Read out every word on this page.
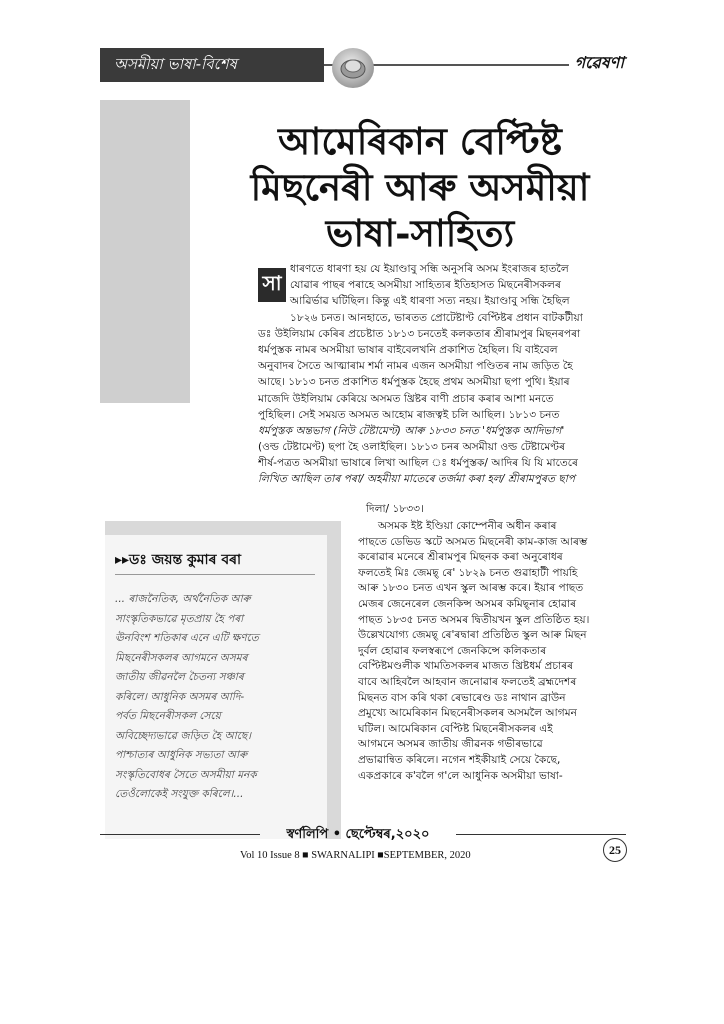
অসমীয়া ভাষা-বিশেষ	গৱেষণা
আমেৰিকান বেপ্টিষ্ট
মিছনেৰী আৰু অসমীয়া
ভাষা-সাহিত্য
ধাৰণতে ধাৰণা হয় যে ইয়াণ্ডাবু সন্ধি অনুসৰি অসম ইংৰাজৰ হাতলৈ
যোৱাৰ পাছৰ পৰাহে অসমীয়া সাহিত্যৰ ইতিহাসত মিছনেৰীসকলৰ
আৱিৰ্ভাৱ ঘটিছিল। কিন্তু এই ধাৰণা সত্য নহয়। ইয়াণ্ডাবু সন্ধি হৈছিল
১৮২৬ চনত। আনহাতে, ভাৰতত প্ৰোটেষ্টাণ্ট বেপ্টিষ্টৰ প্ৰধান বাটকটীয়া
ডঃ উইলিয়াম কেৰিৰ প্ৰচেষ্টাত ১৮১৩ চনতেই কলকতাৰ শ্ৰীৰামপুৰ মিছনৰপৰা
ধৰ্মপুস্তক নামৰ অসমীয়া ভাষাৰ বাইবেলখনি প্ৰকাশিত হৈছিল। যি বাইবেল
অনুবাদৰ সৈতে আত্মাৰাম শৰ্মা নামৰ এজন অসমীয়া পণ্ডিতৰ নাম জড়িত হৈ
আছে। ১৮১৩ চনত প্ৰকাশিত ধৰ্মপুস্তক হৈছে প্ৰথম অসমীয়া ছপা পুথি। ইয়াৰ
মাজেদি উইলিয়াম কেৰিয়ে অসমত খ্ৰিষ্টৰ বাণী প্ৰচাৰ কৰাৰ আশা মনতে
পুহিছিল। সেই সময়ত অসমত আহোম ৰাজত্বই চলি আছিল। ১৮১৩ চনত
ধৰ্মপুস্তক অন্তভাগ (নিউ টেষ্টামেণ্ট) আৰু ১৮৩৩ চনত 'ধৰ্মপুস্তক আদিভাগ'
(ওল্ড টেষ্টামেণ্ট) ছপা হৈ ওলাইছিল। ১৮১৩ চনৰ অসমীয়া ওল্ড টেষ্টামেণ্টৰ
শীৰ্ষ-পত্ৰত অসমীয়া ভাষাৰে লিখা আছিল ঃ ধৰ্মপুস্তক/ আদিৰ যি যি মাতেৰে
লিখিত আছিল তাৰ পৰা/ অহমীয়া মাতেৰে তৰ্জমা কৰা হল/ শ্ৰীৰামপুৰত ছাপ
সা
দিলা/ ১৮৩৩।
▸▸ডঃ জয়ন্ত কুমাৰ বৰা
... ৰাজনৈতিক, অৰ্থনৈতিক আৰু
সাংস্কৃতিকভাৱে মৃতপ্ৰায় হৈ পৰা
ঊনবিংশ শতিকাৰ এনে এটি ক্ষণতে
মিছনেৰীসকলৰ আগমনে অসমৰ
জাতীয় জীৱনলৈ চৈতন্য সঞ্চাৰ
কৰিলে। আধুনিক অসমৰ আদি-
পৰ্বত মিছনেৰীসকল সেয়ে
অবিচ্ছেদ্যভাৱে জড়িত হৈ আছে।
পাশ্চাত্যৰ আধুনিক সভ্যতা আৰু
সংস্কৃতিবোধৰ সৈতে অসমীয়া মনক
তেওঁলোকেই সংযুক্ত কৰিলে।...
অসমক ইষ্ট ইণ্ডিয়া কোম্পেনীৰ অধীন কৰাৰ
পাছতে ডেভিড স্কটে অসমত মিছনেৰী কাম-কাজ আৰম্ভ
কৰোৱাৰ মনেৰে শ্ৰীৰামপুৰ মিছনক কৰা অনুৰোধৰ
ফলতেই মিঃ জেমছ্ ৰে' ১৮২৯ চনত গুৱাহাটী পায়হি
আৰু ১৮৩০ চনত এখন স্কুল আৰম্ভ কৰে। ইয়াৰ পাছত
মেজৰ জেনেৰেল জেনকিন্স অসমৰ কমিছ্নাৰ হোৱাৰ
পাছত ১৮৩৫ চনত অসমৰ দ্বিতীয়খন স্কুল প্ৰতিষ্ঠিত হয়।
উল্লেখযোগ্য জেমছ্ ৰে'ৰদ্বাৰা প্ৰতিষ্ঠিত স্কুল আৰু মিছন
দুৰ্বল হোৱাৰ ফলস্বৰূপে জেনকিন্সে কলিকতাৰ
বেপ্টিষ্টমণ্ডলীক খামতিসকলৰ মাজত খ্ৰিষ্টধৰ্ম প্ৰচাৰৰ
বাবে আহিবলৈ আহবান জনোৱাৰ ফলতেই ব্ৰহ্মদেশৰ
মিছনত বাস কৰি থকা ৰেভাৰেণ্ড ডঃ নাথান ব্ৰাউন
প্ৰমুখ্যে আমেৰিকান মিছনেৰীসকলৰ অসমলৈ আগমন
ঘটিল। আমেৰিকান বেপ্টিষ্ট মিছনেৰীসকলৰ এই
আগমনে অসমৰ জাতীয় জীৱনক গভীৰভাৱে
প্ৰভাৱান্বিত কৰিলে। নগেন শইকীয়াই সেয়ে কৈছে,
একপ্ৰকাৰে ক'বলৈ গ'লে আধুনিক অসমীয়া ভাষা-
স্বৰ্ণলিপি • ছেপ্টেম্বৰ,২০২০
Vol 10 Issue 8 ■ SWARNALIPI ■SEPTEMBER, 2020	25
